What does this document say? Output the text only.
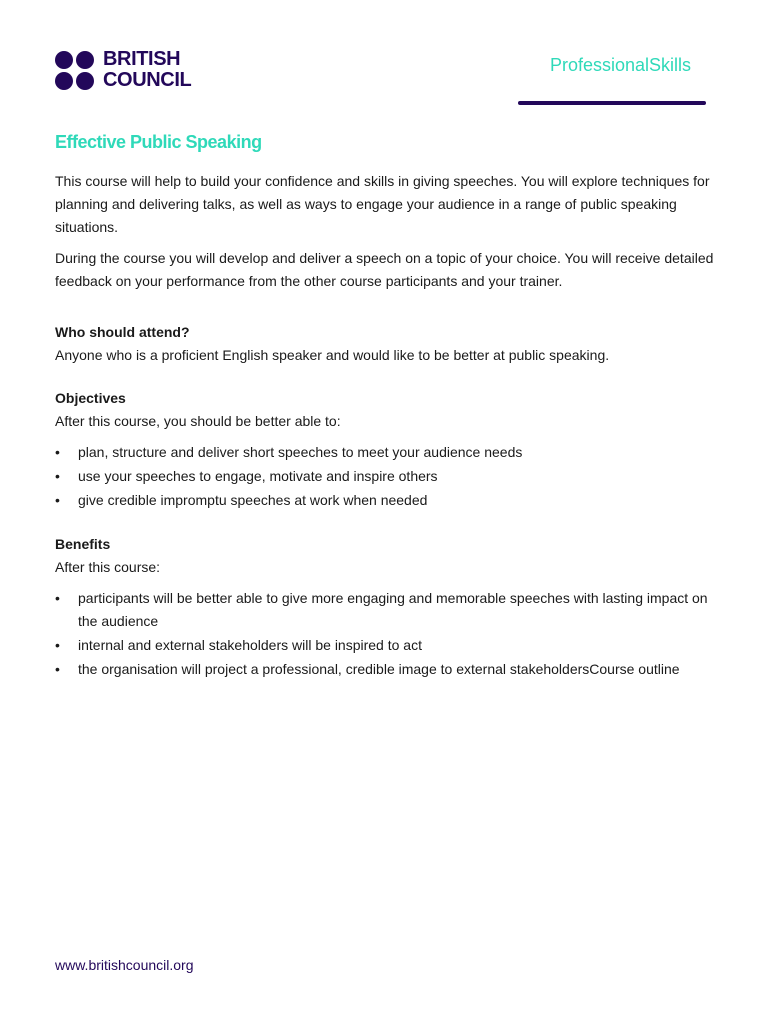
BRITISH
COUNCIL
ProfessionalSkills
Effective Public Speaking

This course will help to build your confidence and skills in giving speeches. You will explore techniques for planning and delivering talks, as well as ways to engage your audience in a range of public speaking situations.

During the course you will develop and deliver a speech on a topic of your choice. You will receive detailed feedback on your performance from the other course participants and your trainer.

Who should attend?

Anyone who is a proficient English speaker and would like to be better at public speaking.

Objectives

After this course, you should be better able to:

• plan, structure and deliver short speeches to meet your audience needs
• use your speeches to engage, motivate and inspire others
• give credible impromptu speeches at work when needed

Benefits

After this course:

• participants will be better able to give more engaging and memorable speeches with lasting impact on the audience
• internal and external stakeholders will be inspired to act
• the organisation will project a professional, credible image to external stakeholdersCourse outline
www.britishcouncil.org
